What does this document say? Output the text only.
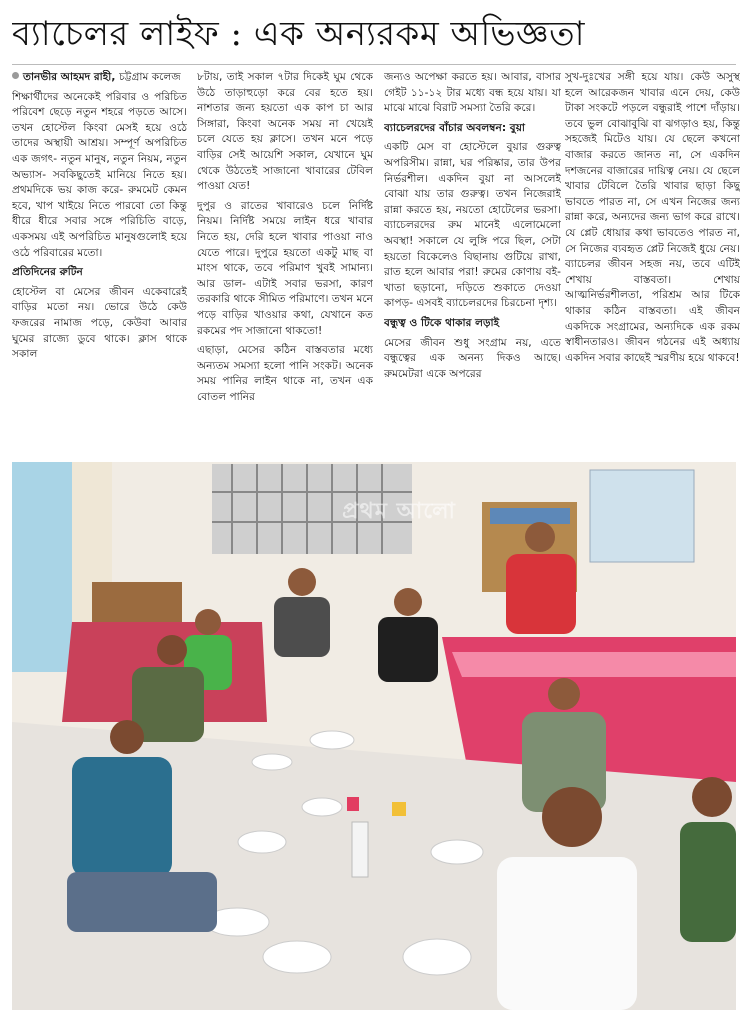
ব্যাচেলর লাইফ : এক অন্যরকম অভিজ্ঞতা

তানভীর আহমদ রাহী, চট্টগ্রাম কলেজ

শিক্ষার্থীদের অনেকেই পরিবার ও পরিচিত পরিবেশ ছেড়ে নতুন শহরে পড়তে আসে। তখন হোস্টেল কিংবা মেসই হয়ে ওঠে তাদের অস্থায়ী আশ্রয়। সম্পূর্ণ অপরিচিত এক জগৎ- নতুন মানুষ, নতুন নিয়ম, নতুন অভ্যাস- সবকিছুতেই মানিয়ে নিতে হয়। প্রথমদিকে ভয় কাজ করে- রুমমেট কেমন হবে, খাপ খাইয়ে নিতে পারবো তো কিন্তু ধীরে ধীরে সবার সঙ্গে পরিচিতি বাড়ে, একসময় এই অপরিচিত মানুষগুলোই হয়ে ওঠে পরিবারের মতো।

প্রতিদিনের রুটিন

হোস্টেল বা মেসের জীবন একেবারেই বাড়ির মতো নয়। ভোরে উঠে কেউ ফজরের নামাজ পড়ে, কেউবা আবার ঘুমের রাজ্যে ডুবে থাকে। ক্লাস থাকে সকাল

৮টায়, তাই সকাল ৭টার দিকেই ঘুম থেকে উঠে তাড়াহুড়ো করে বের হতে হয়। নাশতার জন্য হয়তো এক কাপ চা আর সিঙ্গারা, কিংবা অনেক সময় না খেয়েই চলে যেতে হয় ক্লাসে। তখন মনে পড়ে বাড়ির সেই আয়েশি সকাল, যেখানে ঘুম থেকে উঠতেই সাজানো খাবারের টেবিল পাওয়া যেত!

দুপুর ও রাতের খাবারেও চলে নির্দিষ্ট নিয়ম। নির্দিষ্ট সময়ে লাইন ধরে খাবার নিতে হয়, দেরি হলে খাবার পাওয়া নাও যেতে পারে। দুপুরে হয়তো একটু মাছ বা মাংস থাকে, তবে পরিমাণ খুবই সামান্য। আর ডাল- এটাই সবার ভরসা, কারণ তরকারি থাকে সীমিত পরিমাণে। তখন মনে পড়ে বাড়ির খাওয়ার কথা, যেখানে কত রকমের পদ সাজানো থাকতো!

এছাড়া, মেসের কঠিন বাস্তবতার মধ্যে অন্যতম সমস্যা হলো পানি সংকট। অনেক সময় পানির লাইন থাকে না, তখন এক বোতল পানির

জন্যও অপেক্ষা করতে হয়। আবার, বাসার গেইট ১১-১২ টার মধ্যে বন্ধ হয়ে যায়। যা মাঝে মাঝে বিরাট সমস্যা তৈরি করে।

ব্যাচেলরদের বাঁচার অবলম্বন: বুয়া

একটি মেস বা হোস্টেলে বুয়ার গুরুত্ব অপরিসীম। রান্না, ঘর পরিষ্কার, তার উপর নির্ভরশীল। একদিন বুয়া না আসলেই বোঝা যায় তার গুরুত্ব। তখন নিজেরাই রান্না করতে হয়, নয়তো হোটেলের ভরসা। ব্যাচেলরদের রুম মানেই এলোমেলো অবস্থা! সকালে যে লুঙ্গি পরে ছিল, সেটা হয়তো বিকেলেও বিছানায় গুটিয়ে রাখা, রাত হলে আবার পরা! রুমের কোণায় বই-খাতা ছড়ানো, দড়িতে শুকাতে দেওয়া কাপড়- এসবই ব্যাচেলরদের চিরচেনা দৃশ্য।

বন্ধুত্ব ও টিকে থাকার লড়াই

মেসের জীবন শুধু সংগ্রাম নয়, এতে বন্ধুত্বের এক অনন্য দিকও আছে। রুমমেটরা একে অপরের

সুখ-দুঃখের সঙ্গী হয়ে যায়। কেউ অসুস্থ হলে আরেকজন খাবার এনে দেয়, কেউ টাকা সংকটে পড়লে বন্ধুরাই পাশে দাঁড়ায়। তবে ভুল বোঝাবুঝি বা ঝগড়াও হয়, কিন্তু সহজেই মিটেও যায়। যে ছেলে কখনো বাজার করতে জানত না, সে একদিন দশজনের বাজারের দায়িত্ব নেয়। যে ছেলে খাবার টেবিলে তৈরি খাবার ছাড়া কিছু ভাবতে পারত না, সে এখন নিজের জন্য রান্না করে, অন্যদের জন্য ভাগ করে রাখে। যে প্লেট ধোয়ার কথা ভাবতেও পারত না, সে নিজের ব্যবহৃত প্লেট নিজেই ধুয়ে নেয়। ব্যাচেলর জীবন সহজ নয়, তবে এটিই শেখায় বাস্তবতা। শেখায় আত্মনির্ভরশীলতা, পরিশ্রম আর টিকে থাকার কঠিন বাস্তবতা। এই জীবন একদিকে সংগ্রামের, অন্যদিকে এক রকম স্বাধীনতারও। জীবন গঠনের এই অধ্যায় একদিন সবার কাছেই স্মরণীয় হয়ে থাকবে!

প্রথম আলো
